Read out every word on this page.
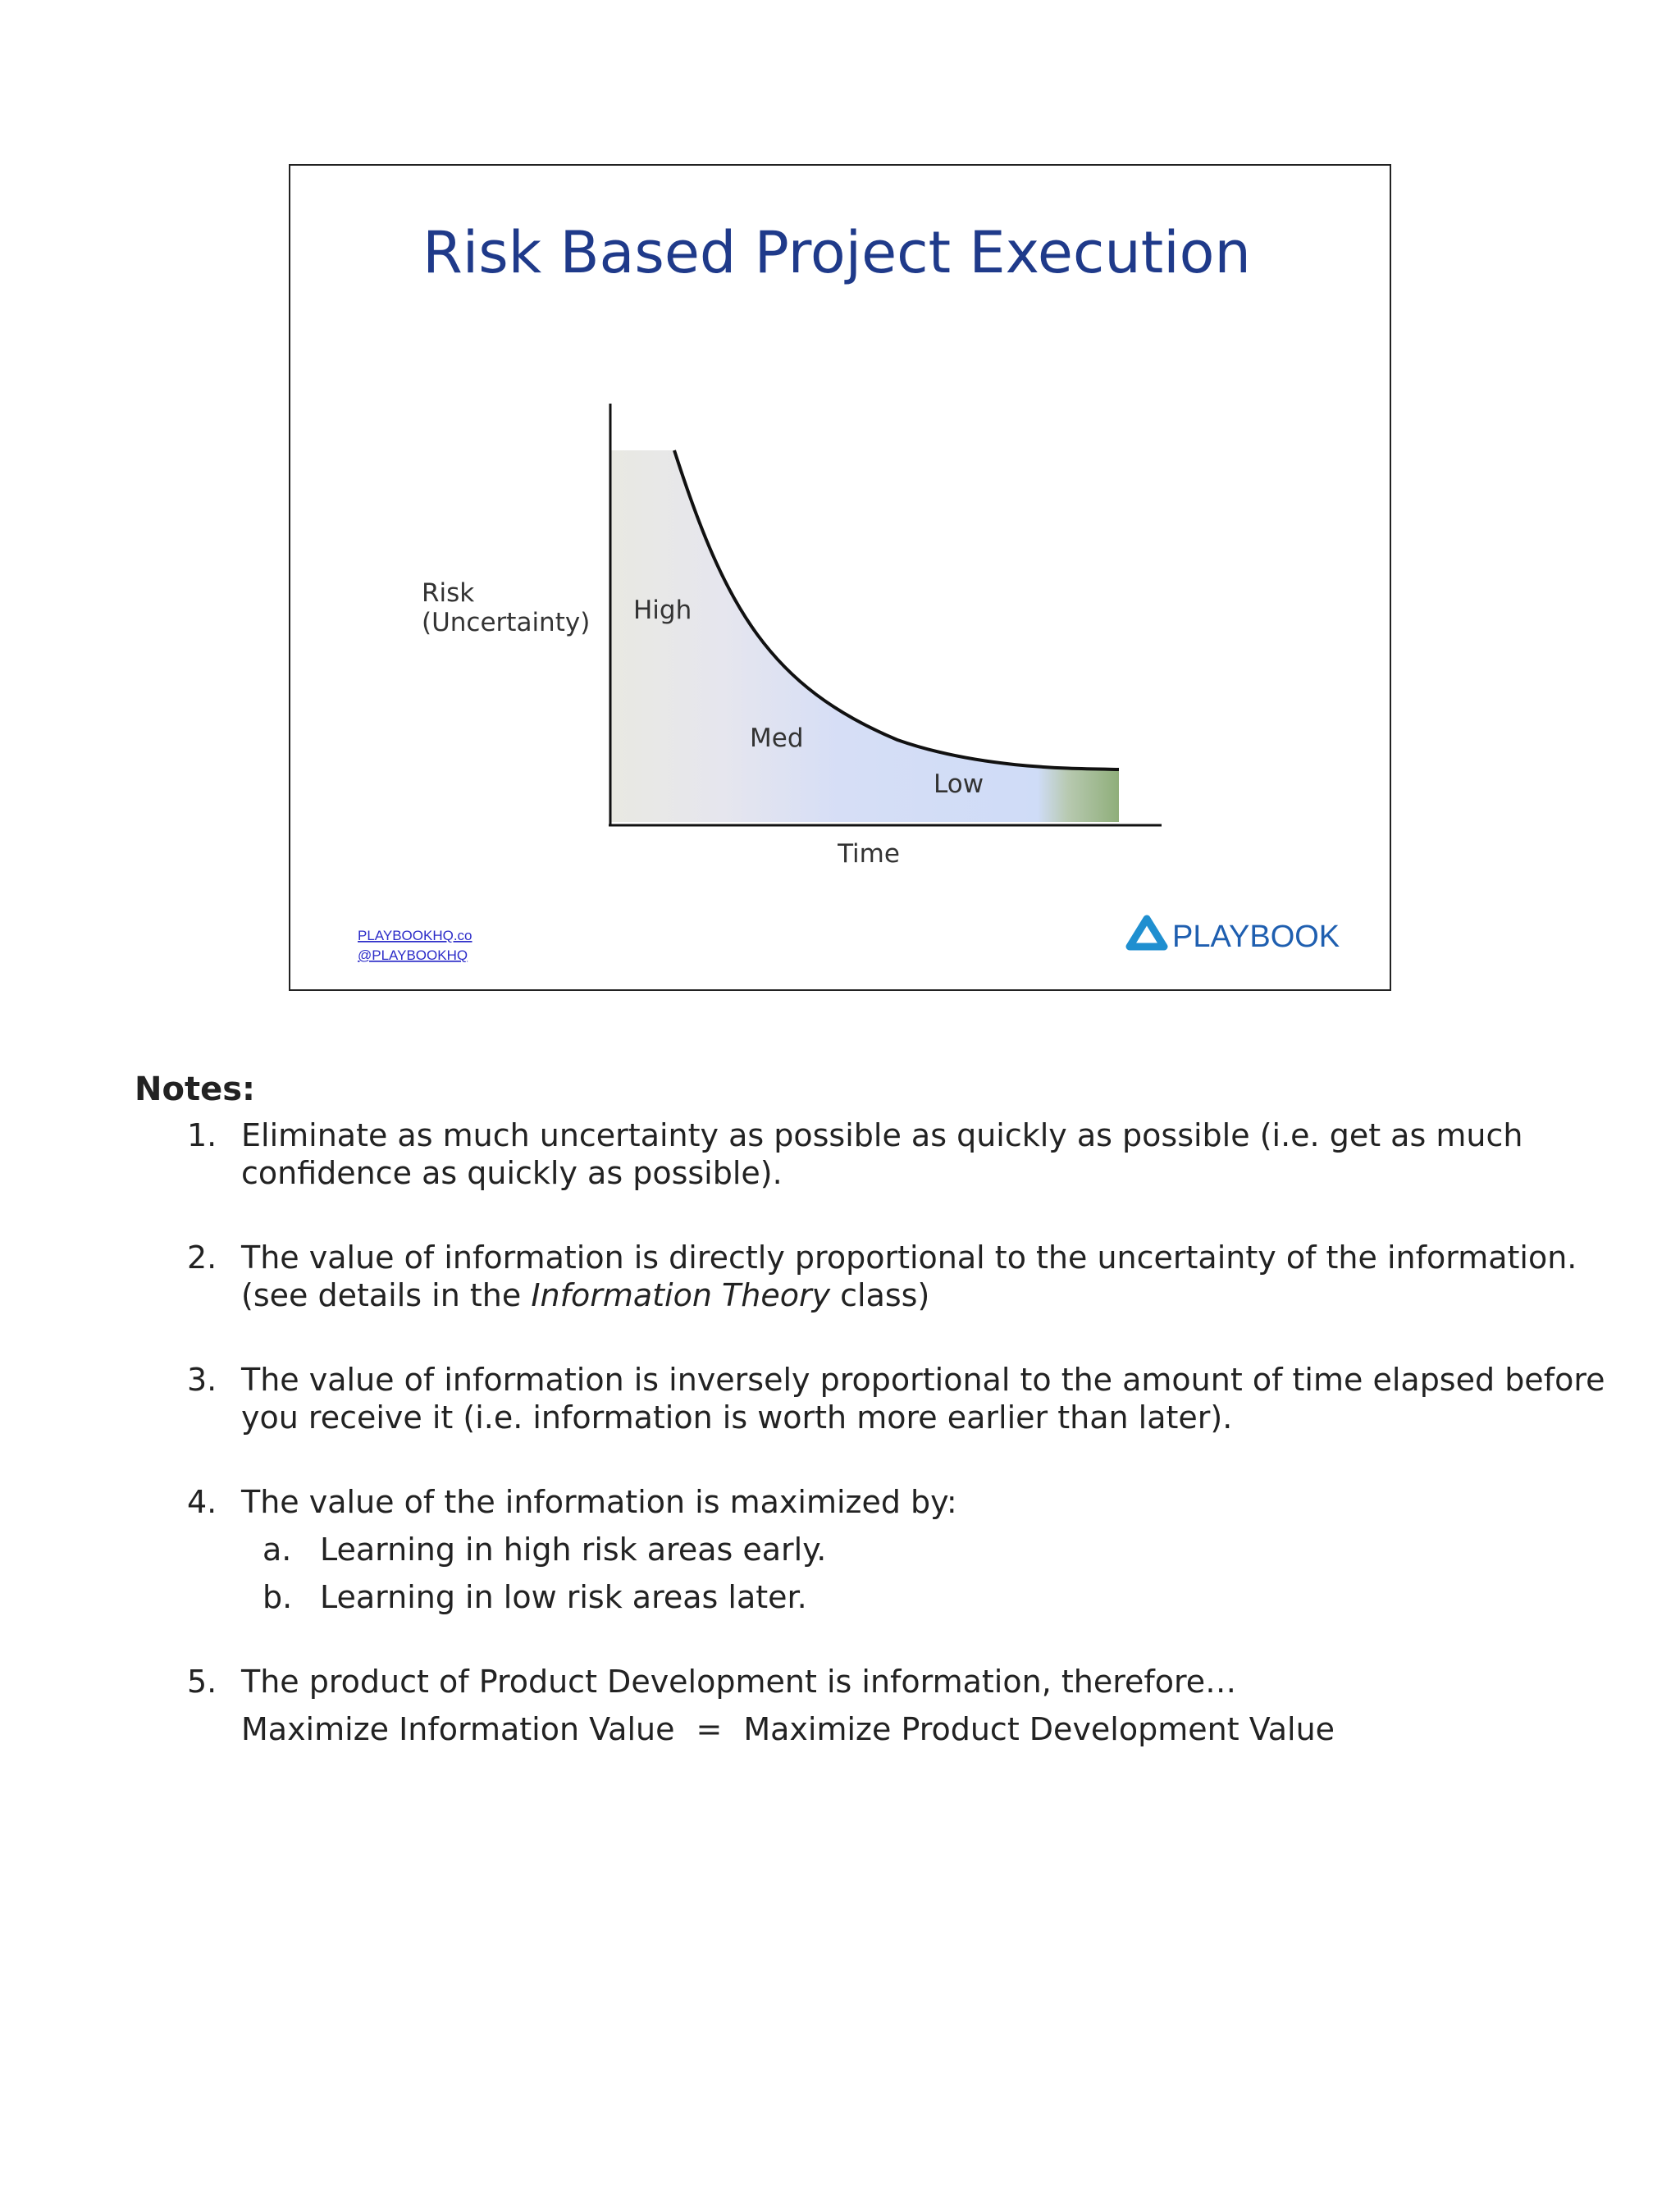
Risk Based Project Execution
Risk
(Uncertainty) High
Med
Low
Time
PLAYBOOKHQ.co
@PLAYBOOKHQ
PLAYBOOK
Notes:
1. Eliminate as much uncertainty as possible as quickly as possible (i.e. get as much confidence as quickly as possible).
2. The value of information is directly proportional to the uncertainty of the information.
(see details in the Information Theory class)
3. The value of information is inversely proportional to the amount of time elapsed before you receive it (i.e. information is worth more earlier than later).
4. The value of the information is maximized by:
a. Learning in high risk areas early.
b. Learning in low risk areas later.
5. The product of Product Development is information, therefore…
Maximize Information Value = Maximize Product Development Value
